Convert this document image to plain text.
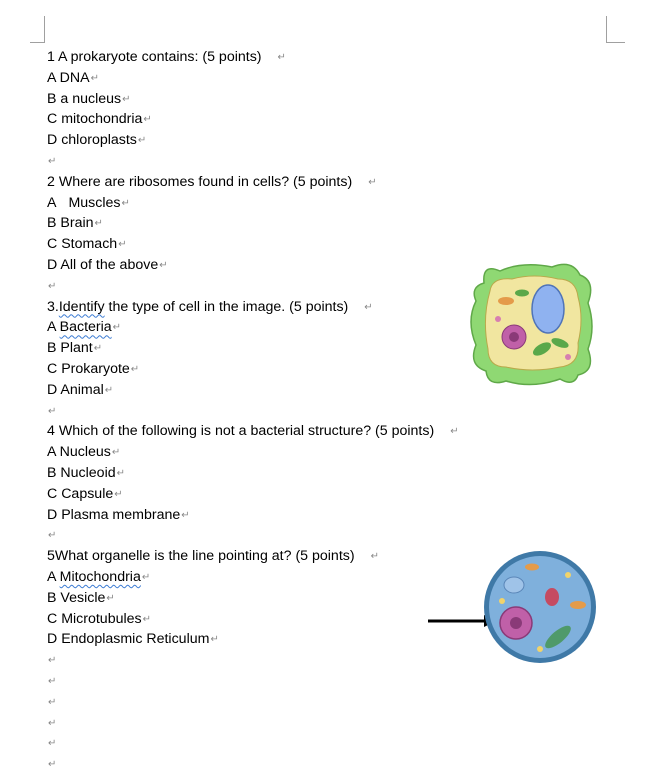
1 A prokaryote contains: (5 points) ↵
A DNA↵
B a nucleus↵
C mitochondria↵
D chloroplasts↵
↵
2 Where are ribosomes found in cells? (5 points) ↵
A Muscles↵
B Brain↵
C Stomach↵
D All of the above↵
↵
3.Identify the type of cell in the image. (5 points) ↵
A Bacteria↵
B Plant↵
C Prokaryote↵
D Animal↵
↵
4 Which of the following is not a bacterial structure? (5 points) ↵
A Nucleus↵
B Nucleoid↵
C Capsule↵
D Plasma membrane↵
↵
5What organelle is the line pointing at? (5 points) ↵
A Mitochondria↵
B Vesicle↵
C Microtubules↵
D Endoplasmic Reticulum↵
↵
↵
↵
↵
↵
↵
